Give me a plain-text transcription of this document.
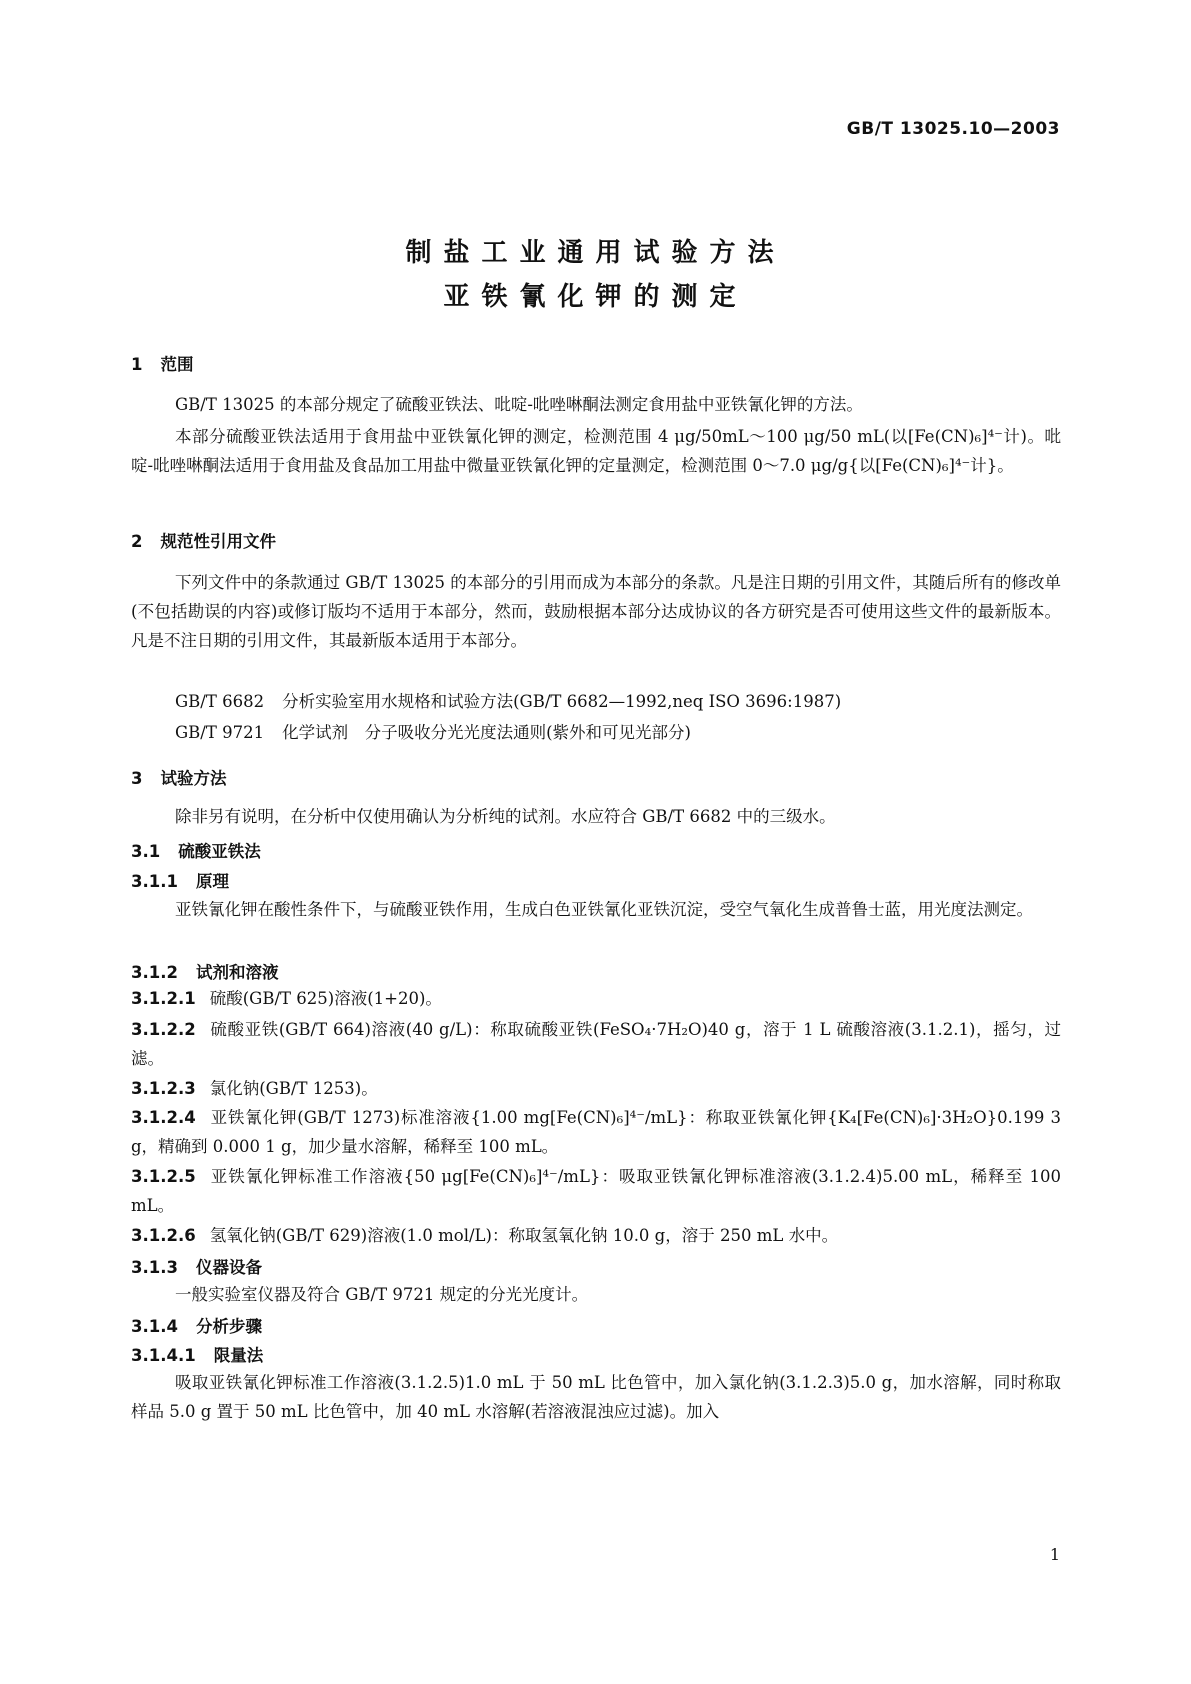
GB/T 13025.10—2003
制盐工业通用试验方法
亚铁氰化钾的测定
1 范围
GB/T 13025 的本部分规定了硫酸亚铁法、吡啶-吡唑啉酮法测定食用盐中亚铁氰化钾的方法。
本部分硫酸亚铁法适用于食用盐中亚铁氰化钾的测定，检测范围 4 μg/50mL～100 μg/50 mL(以[Fe(CN)₆]⁴⁻计)。吡啶-吡唑啉酮法适用于食用盐及食品加工用盐中微量亚铁氰化钾的定量测定，检测范围 0～7.0 μg/g{以[Fe(CN)₆]⁴⁻计}。
2 规范性引用文件
下列文件中的条款通过 GB/T 13025 的本部分的引用而成为本部分的条款。凡是注日期的引用文件，其随后所有的修改单(不包括勘误的内容)或修订版均不适用于本部分，然而，鼓励根据本部分达成协议的各方研究是否可使用这些文件的最新版本。凡是不注日期的引用文件，其最新版本适用于本部分。
GB/T 6682 分析实验室用水规格和试验方法(GB/T 6682—1992,neq ISO 3696:1987)
GB/T 9721 化学试剂　分子吸收分光光度法通则(紫外和可见光部分)
3 试验方法
除非另有说明，在分析中仅使用确认为分析纯的试剂。水应符合 GB/T 6682 中的三级水。
3.1 硫酸亚铁法
3.1.1 原理
亚铁氰化钾在酸性条件下，与硫酸亚铁作用，生成白色亚铁氰化亚铁沉淀，受空气氧化生成普鲁士蓝，用光度法测定。
3.1.2 试剂和溶液
3.1.2.1 硫酸(GB/T 625)溶液(1+20)。
3.1.2.2 硫酸亚铁(GB/T 664)溶液(40 g/L)：称取硫酸亚铁(FeSO₄·7H₂O)40 g，溶于 1 L 硫酸溶液(3.1.2.1)，摇匀，过滤。
3.1.2.3 氯化钠(GB/T 1253)。
3.1.2.4 亚铁氰化钾(GB/T 1273)标准溶液{1.00 mg[Fe(CN)₆]⁴⁻/mL}：称取亚铁氰化钾{K₄[Fe(CN)₆]·3H₂O}0.199 3 g，精确到 0.000 1 g，加少量水溶解，稀释至 100 mL。
3.1.2.5 亚铁氰化钾标准工作溶液{50 μg[Fe(CN)₆]⁴⁻/mL}：吸取亚铁氰化钾标准溶液(3.1.2.4)5.00 mL，稀释至 100 mL。
3.1.2.6 氢氧化钠(GB/T 629)溶液(1.0 mol/L)：称取氢氧化钠 10.0 g，溶于 250 mL 水中。
3.1.3 仪器设备
一般实验室仪器及符合 GB/T 9721 规定的分光光度计。
3.1.4 分析步骤
3.1.4.1 限量法
吸取亚铁氰化钾标准工作溶液(3.1.2.5)1.0 mL 于 50 mL 比色管中，加入氯化钠(3.1.2.3)5.0 g，加水溶解，同时称取样品 5.0 g 置于 50 mL 比色管中，加 40 mL 水溶解(若溶液混浊应过滤)。加入
1
